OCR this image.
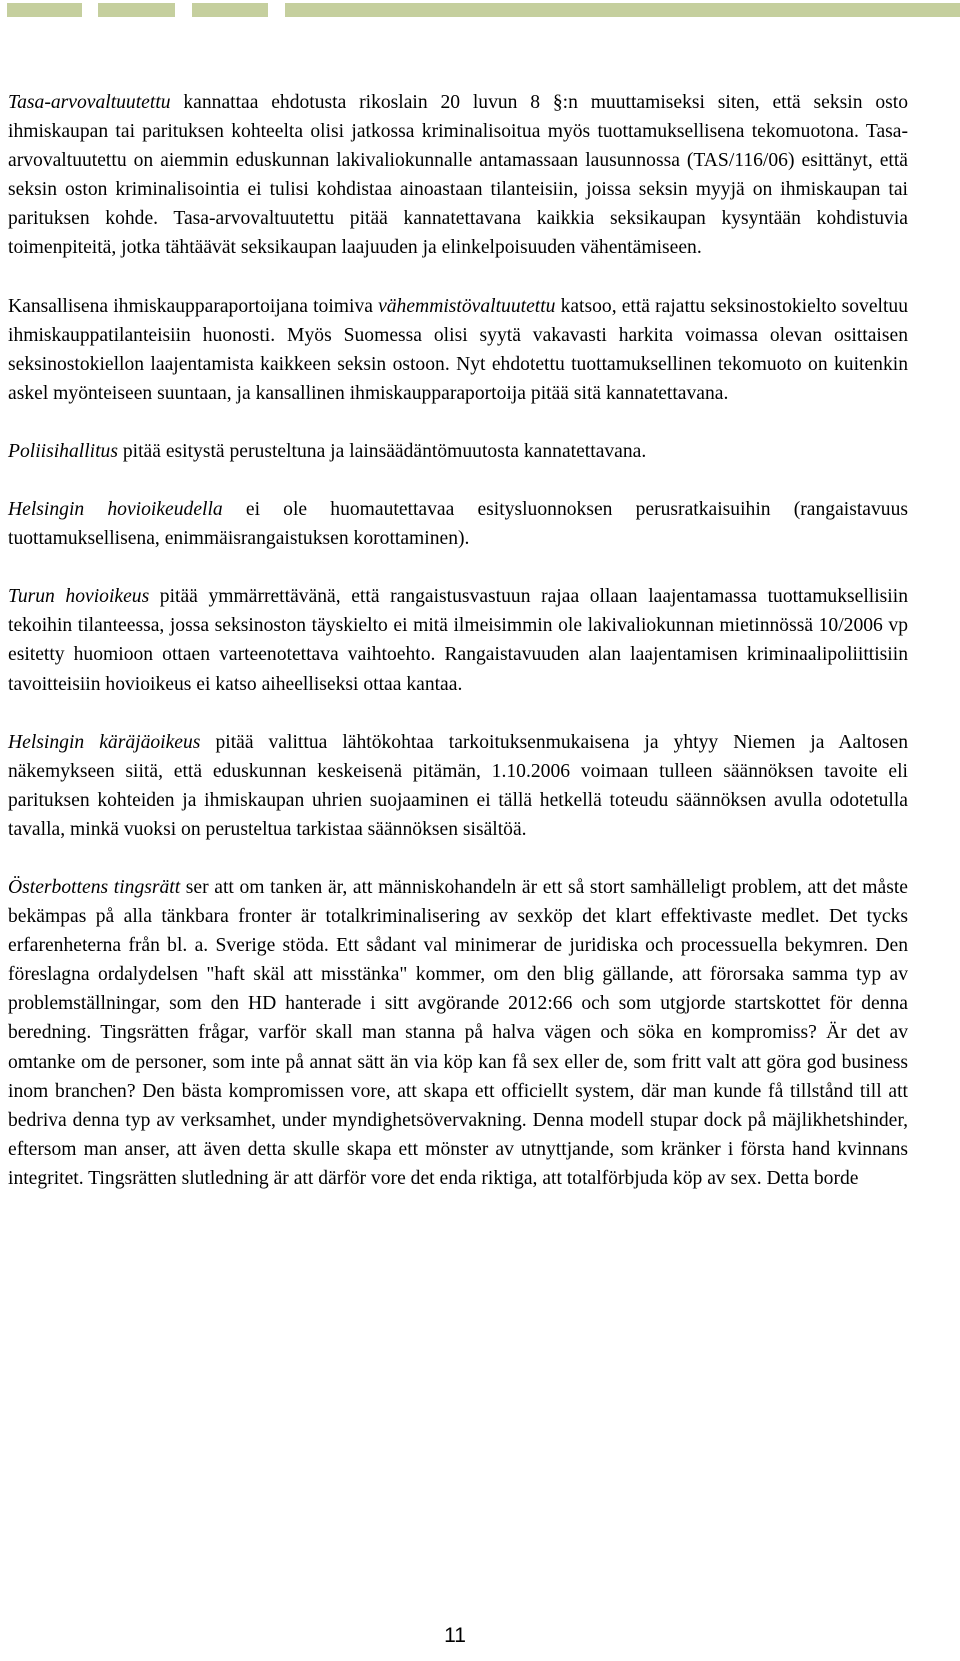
Tasa-arvovaltuutettu kannattaa ehdotusta rikoslain 20 luvun 8 §:n muuttamiseksi siten, että seksin osto ihmiskaupan tai parituksen kohteelta olisi jatkossa kriminalisoitua myös tuottamuksellisena tekomuotona. Tasa-arvovaltuutettu on aiemmin eduskunnan lakivaliokunnalle antamassaan lausunnossa (TAS/116/06) esittänyt, että seksin oston kriminalisointia ei tulisi kohdistaa ainoastaan tilanteisiin, joissa seksin myyjä on ihmiskaupan tai parituksen kohde. Tasa-arvovaltuutettu pitää kannatettavana kaikkia seksikaupan kysyntään kohdistuvia toimenpiteitä, jotka tähtäävät seksikaupan laajuuden ja elinkelpoisuuden vähentämiseen.

Kansallisena ihmiskaupparaportoijana toimiva vähemmistövaltuutettu katsoo, että rajattu seksinostokielto soveltuu ihmiskauppatilanteisiin huonosti. Myös Suomessa olisi syytä vakavasti harkita voimassa olevan osittaisen seksinostokiellon laajentamista kaikkeen seksin ostoon. Nyt ehdotettu tuottamuksellinen tekomuoto on kuitenkin askel myönteiseen suuntaan, ja kansallinen ihmiskaupparaportoija pitää sitä kannatettavana.

Poliisihallitus pitää esitystä perusteltuna ja lainsäädäntömuutosta kannatettavana.

Helsingin hovioikeudella ei ole huomautettavaa esitysluonnoksen perusratkaisuihin (rangaistavuus tuottamuksellisena, enimmäisrangaistuksen korottaminen).

Turun hovioikeus pitää ymmärrettävänä, että rangaistusvastuun rajaa ollaan laajentamassa tuottamuksellisiin tekoihin tilanteessa, jossa seksinoston täyskielto ei mitä ilmeisimmin ole lakivaliokunnan mietinnössä 10/2006 vp esitetty huomioon ottaen varteenotettava vaihtoehto. Rangaistavuuden alan laajentamisen kriminaalipoliittisiin tavoitteisiin hovioikeus ei katso aiheelliseksi ottaa kantaa.

Helsingin käräjäoikeus pitää valittua lähtökohtaa tarkoituksenmukaisena ja yhtyy Niemen ja Aaltosen näkemykseen siitä, että eduskunnan keskeisenä pitämän, 1.10.2006 voimaan tulleen säännöksen tavoite eli parituksen kohteiden ja ihmiskaupan uhrien suojaaminen ei tällä hetkellä toteudu säännöksen avulla odotetulla tavalla, minkä vuoksi on perusteltua tarkistaa säännöksen sisältöä.

Österbottens tingsrätt ser att om tanken är, att människohandeln är ett så stort samhälleligt problem, att det måste bekämpas på alla tänkbara fronter är totalkriminalisering av sexköp det klart effektivaste medlet. Det tycks erfarenheterna från bl. a. Sverige stöda. Ett sådant val minimerar de juridiska och processuella bekymren. Den föreslagna ordalydelsen "haft skäl att misstänka" kommer, om den blig gällande, att förorsaka samma typ av problemställningar, som den HD hanterade i sitt avgörande 2012:66 och som utgjorde startskottet för denna beredning. Tingsrätten frågar, varför skall man stanna på halva vägen och söka en kompromiss? Är det av omtanke om de personer, som inte på annat sätt än via köp kan få sex eller de, som fritt valt att göra god business inom branchen? Den bästa kompromissen vore, att skapa ett officiellt system, där man kunde få tillstånd till att bedriva denna typ av verksamhet, under myndighetsövervakning. Denna modell stupar dock på mäjlikhetshinder, eftersom man anser, att även detta skulle skapa ett mönster av utnyttjande, som kränker i första hand kvinnans integritet. Tingsrätten slutledning är att därför vore det enda riktiga, att totalförbjuda köp av sex. Detta borde

11
